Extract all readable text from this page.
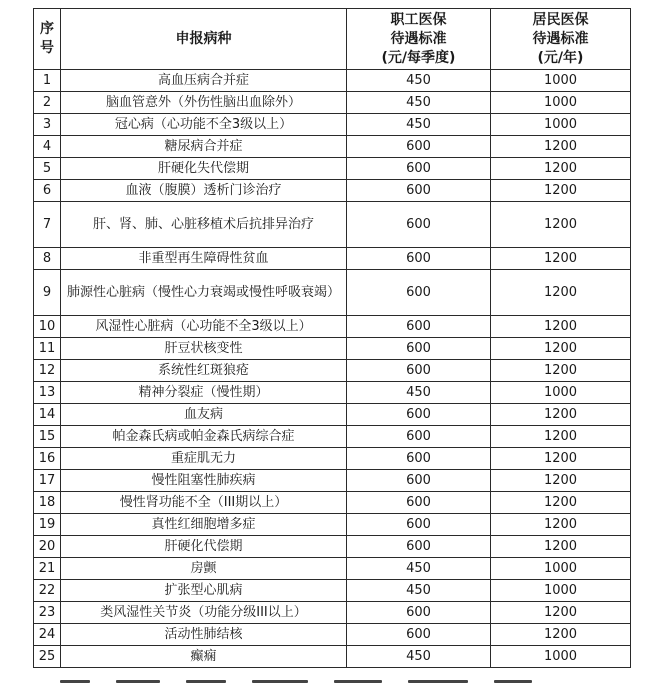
序号	申报病种	职工医保
待遇标准
(元/每季度)	居民医保
待遇标准
(元/年)
1	高血压病合并症	450	1000
2	脑血管意外（外伤性脑出血除外）	450	1000
3	冠心病（心功能不全3级以上）	450	1000
4	糖尿病合并症	600	1200
5	肝硬化失代偿期	600	1200
6	血液（腹膜）透析门诊治疗	600	1200
7	肝、肾、肺、心脏移植术后抗排异治疗	600	1200
8	非重型再生障碍性贫血	600	1200
9	肺源性心脏病（慢性心力衰竭或慢性呼吸衰竭）	600	1200
10	风湿性心脏病（心功能不全3级以上）	600	1200
11	肝豆状核变性	600	1200
12	系统性红斑狼疮	600	1200
13	精神分裂症（慢性期）	450	1000
14	血友病	600	1200
15	帕金森氏病或帕金森氏病综合症	600	1200
16	重症肌无力	600	1200
17	慢性阻塞性肺疾病	600	1200
18	慢性肾功能不全（III期以上）	600	1200
19	真性红细胞增多症	600	1200
20	肝硬化代偿期	600	1200
21	房颤	450	1000
22	扩张型心肌病	450	1000
23	类风湿性关节炎（功能分级III以上）	600	1200
24	活动性肺结核	600	1200
25	癫痫	450	1000
